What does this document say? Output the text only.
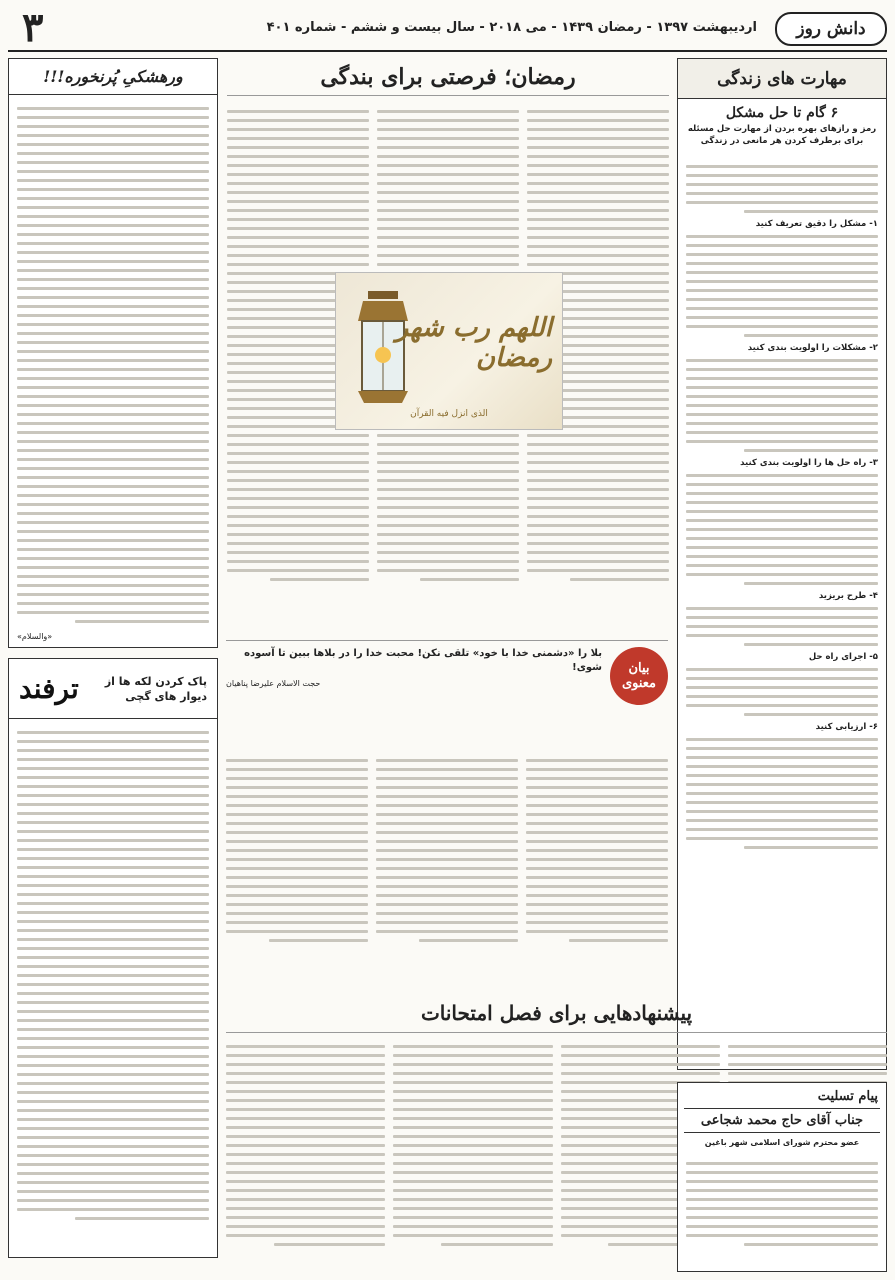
دانش روز
اردیبهشت ۱۳۹۷ - رمضان ۱۴۳۹ - می ۲۰۱۸ - سال بیست و ششم - شماره ۴۰۱
۳
مهارت های زندگی
۶ گام تا حل مشکل
رمز و رازهای بهره بردن از مهارت حل مسئله برای برطرف کردن هر مانعی در زندگی
۱- مشکل را دقیق تعریف کنید
۲- مشکلات را اولویت بندی کنید
۳- راه حل ها را اولویت بندی کنید
۴- طرح بریزید
۵- اجرای راه حل
۶- ارزیابی کنید
رمضان؛ فرصتی برای بندگی
اللهم رب شهر رمضان
الذی انزل فیه القرآن
بیان معنوی
بلا را «دشمنی خدا با خود» تلقی نکن! محبت خدا را در بلاها ببین تا آسوده شوی!
حجت الاسلام علیرضا پناهیان
ورهشکیِ پُرنخوره!!!
«والسلام»
پاک کردن لکه ها از دیوار های گچی
ترفند
پیشنهادهایی برای فصل امتحانات
پیام تسلیت
جناب آقای حاج محمد شجاعی
عضو محترم شورای اسلامی شهر باغین
